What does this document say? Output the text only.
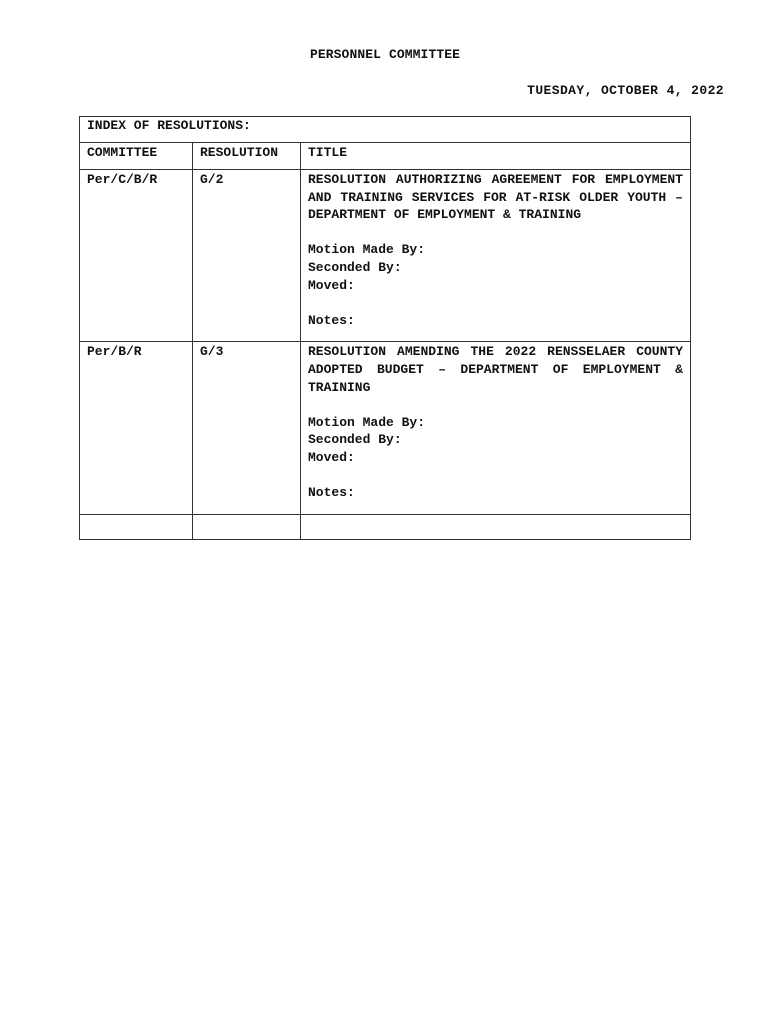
PERSONNEL COMMITTEE
TUESDAY, OCTOBER 4, 2022
INDEX OF RESOLUTIONS:		
COMMITTEE	RESOLUTION	TITLE
Per/C/B/R	G/2	RESOLUTION AUTHORIZING AGREEMENT FOR EMPLOYMENT AND TRAINING SERVICES FOR AT-RISK OLDER YOUTH – DEPARTMENT OF EMPLOYMENT & TRAINING
Motion Made By:
Seconded By:
Moved:
Notes:

Per/B/R	G/3	RESOLUTION AMENDING THE 2022 RENSSELAER COUNTY ADOPTED BUDGET – DEPARTMENT OF EMPLOYMENT & TRAINING
Motion Made By:
Seconded By:
Moved:
Notes:
